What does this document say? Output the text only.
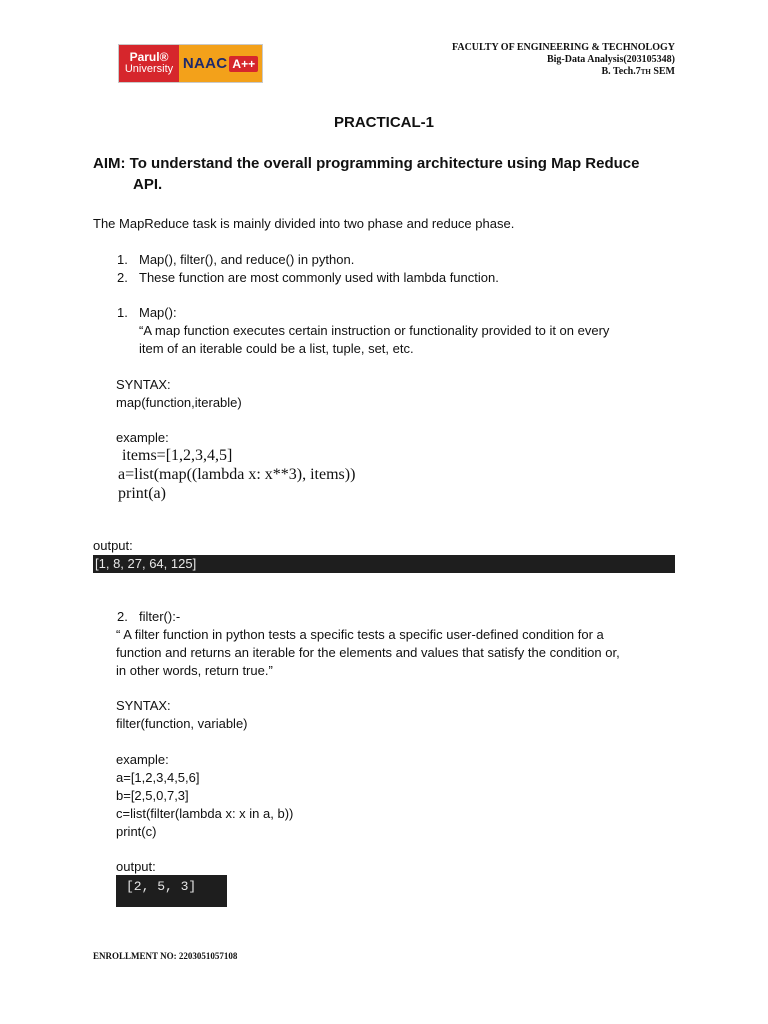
Parul®
University NAAC A++
FACULTY OF ENGINEERING & TECHNOLOGY
Big-Data Analysis(203105348)
B. Tech.7TH SEM
PRACTICAL-1
AIM: To understand the overall programming architecture using Map Reduce
API.
The MapReduce task is mainly divided into two phase and reduce phase.
1. Map(), filter(), and reduce() in python.
2. These function are most commonly used with lambda function.
1. Map():
“A map function executes certain instruction or functionality provided to it on every
item of an iterable could be a list, tuple, set, etc.
SYNTAX:
map(function,iterable)
example:
items=[1,2,3,4,5]
a=list(map((lambda x: x**3), items))
print(a)
output:
[1, 8, 27, 64, 125]
2. filter():-
“ A filter function in python tests a specific tests a specific user-defined condition for a
function and returns an iterable for the elements and values that satisfy the condition or,
in other words, return true.”
SYNTAX:
filter(function, variable)
example:
a=[1,2,3,4,5,6]
b=[2,5,0,7,3]
c=list(filter(lambda x: x in a, b))
print(c)
output:
[2, 5, 3]
ENROLLMENT NO: 2203051057108
